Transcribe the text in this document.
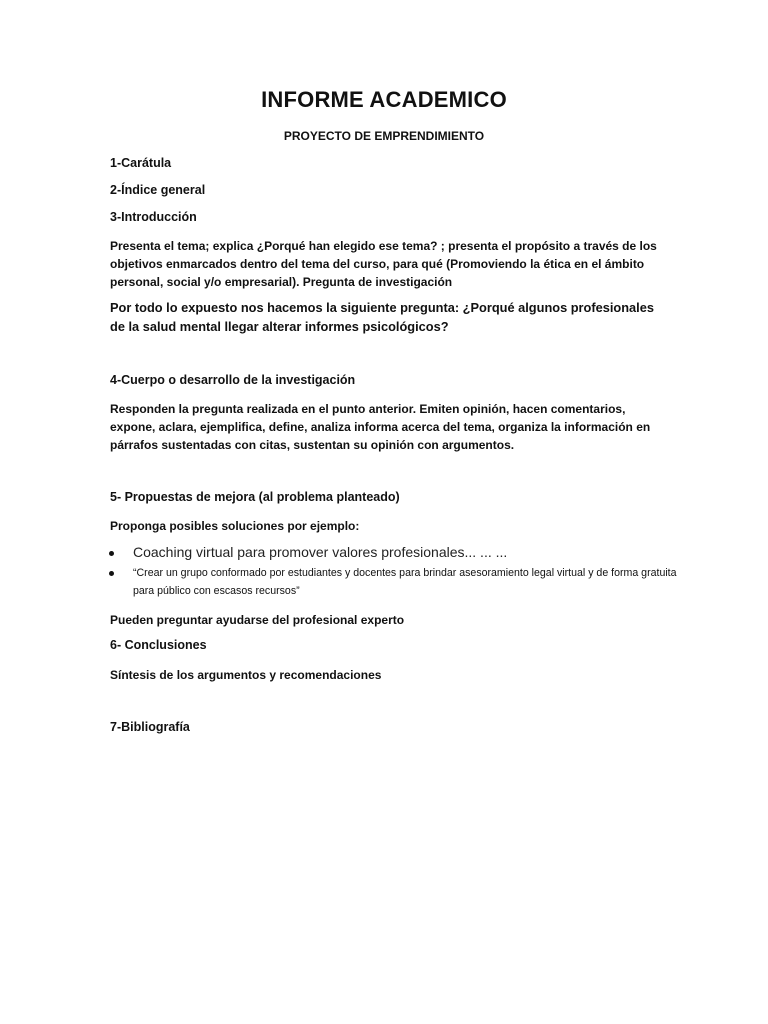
INFORME ACADEMICO
PROYECTO DE EMPRENDIMIENTO
1-Carátula
2-Índice general
3-Introducción

Presenta el tema; explica ¿Porqué han elegido ese tema? ; presenta el propósito a través de los objetivos enmarcados dentro del tema del curso, para qué (Promoviendo la ética en el ámbito personal, social y/o empresarial). Pregunta de investigación

Por todo lo expuesto nos hacemos la siguiente pregunta: ¿Porqué algunos profesionales de la salud mental llegar alterar informes psicológicos?

4-Cuerpo o desarrollo de la investigación

Responden la pregunta realizada en el punto anterior. Emiten opinión, hacen comentarios, expone, aclara, ejemplifica, define, analiza informa acerca del tema, organiza la información en párrafos sustentadas con citas, sustentan su opinión con argumentos.

5- Propuestas de mejora (al problema planteado)
Proponga posibles soluciones por ejemplo:
Coaching virtual para promover valores profesionales... ... ...
“Crear un grupo conformado por estudiantes y docentes para brindar asesoramiento legal virtual y de forma gratuita para público con escasos recursos”
Pueden preguntar ayudarse del profesional experto
6- Conclusiones
Síntesis de los argumentos y recomendaciones
7-Bibliografía
